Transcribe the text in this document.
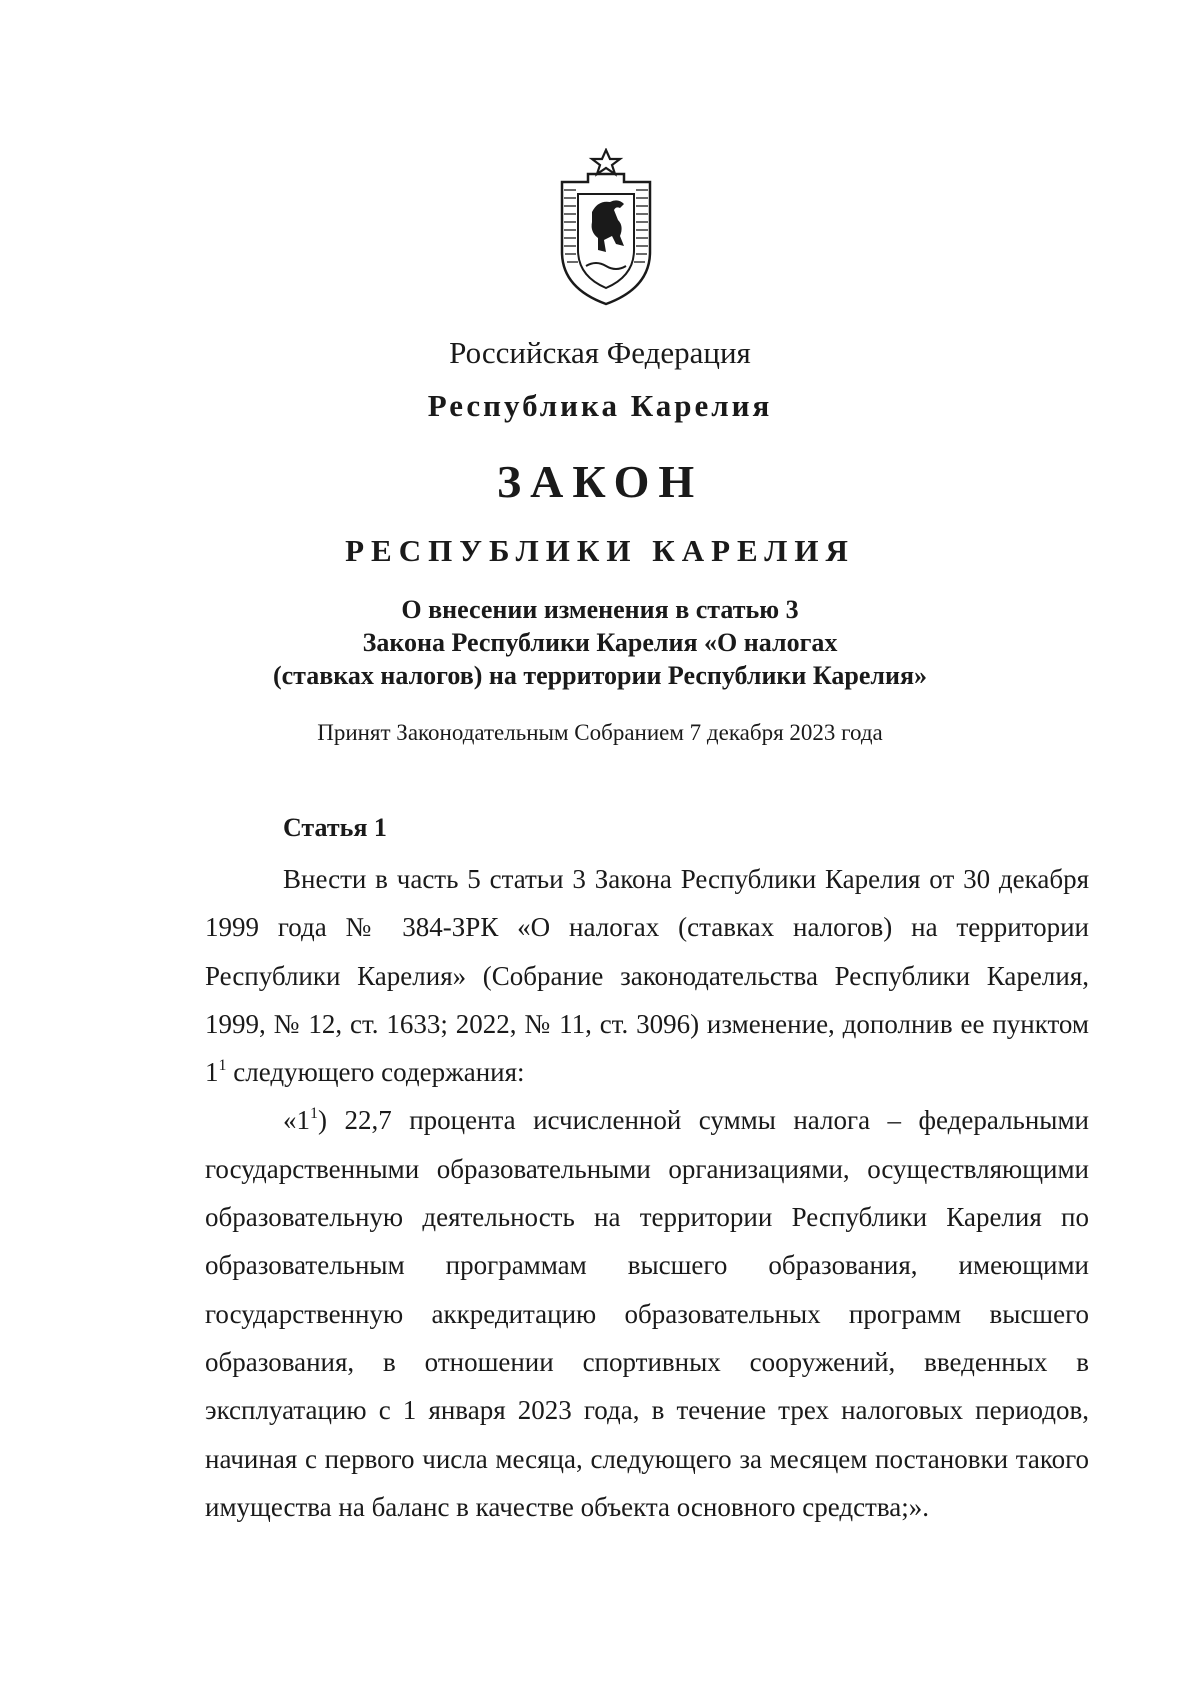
Российская Федерация
Республика Карелия
ЗАКОН
РЕСПУБЛИКИ КАРЕЛИЯ
О внесении изменения в статью 3
Закона Республики Карелия «О налогах
(ставках налогов) на территории Республики Карелия»
Принят Законодательным Собранием 7 декабря 2023 года
Статья 1

Внести в часть 5 статьи 3 Закона Республики Карелия от 30 декабря 1999 года № 384-ЗРК «О налогах (ставках налогов) на территории Республики Карелия» (Собрание законодательства Республики Карелия, 1999, № 12, ст. 1633; 2022, № 11, ст. 3096) изменение, дополнив ее пунктом $1^1$ следующего содержания:

«$1^1$) 22,7 процента исчисленной суммы налога – федеральными государственными образовательными организациями, осуществляющими образовательную деятельность на территории Республики Карелия по образовательным программам высшего образования, имеющими государственную аккредитацию образовательных программ высшего образования, в отношении спортивных сооружений, введенных в эксплуатацию с 1 января 2023 года, в течение трех налоговых периодов, начиная с первого числа месяца, следующего за месяцем постановки такого имущества на баланс в качестве объекта основного средства;».
